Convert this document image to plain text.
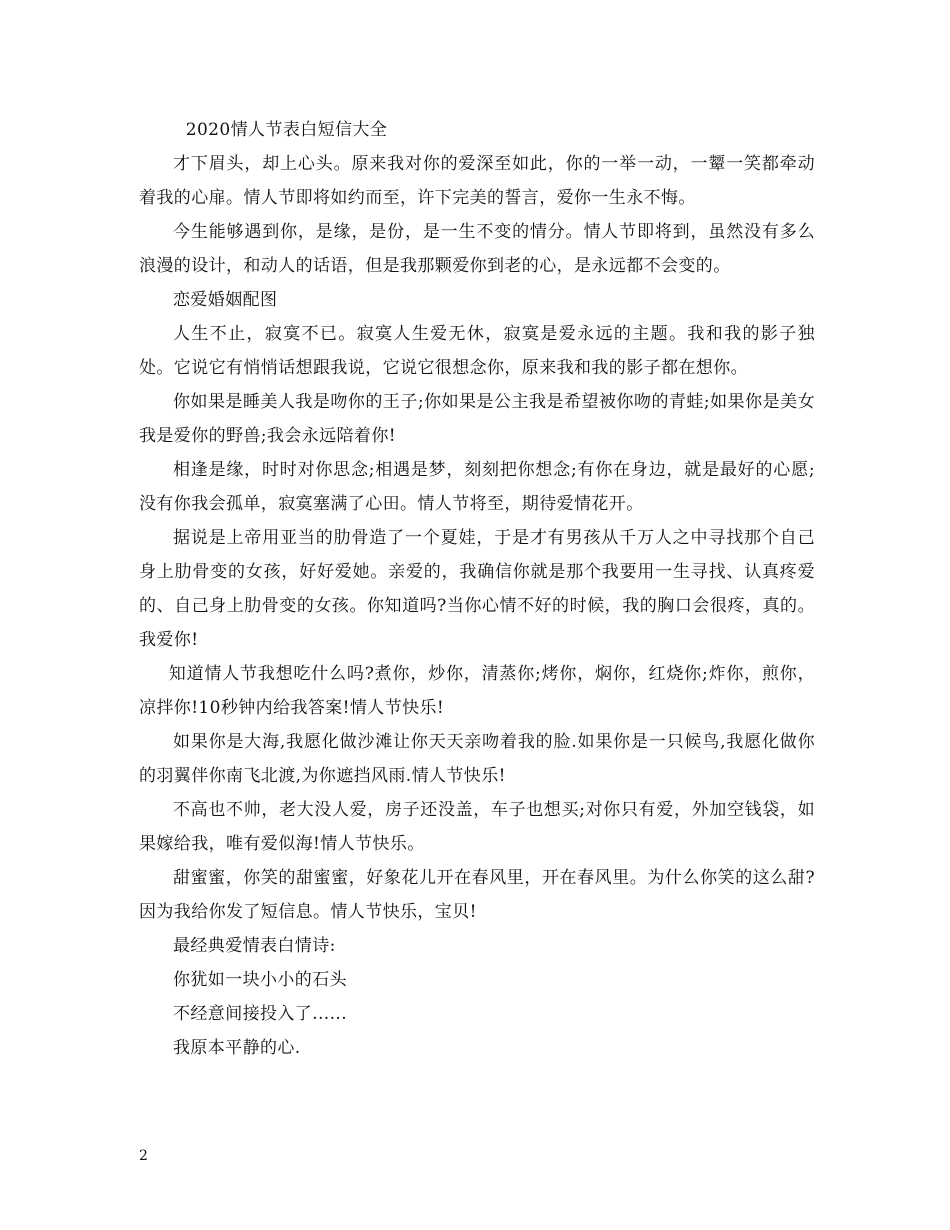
2020情人节表白短信大全

才下眉头，却上心头。原来我对你的爱深至如此，你的一举一动，一颦一笑都牵动着我的心扉。情人节即将如约而至，许下完美的誓言，爱你一生永不悔。

今生能够遇到你，是缘，是份，是一生不变的情分。情人节即将到，虽然没有多么浪漫的设计，和动人的话语，但是我那颗爱你到老的心，是永远都不会变的。

恋爱婚姻配图

人生不止，寂寞不已。寂寞人生爱无休，寂寞是爱永远的主题。我和我的影子独处。它说它有悄悄话想跟我说，它说它很想念你，原来我和我的影子都在想你。

你如果是睡美人我是吻你的王子;你如果是公主我是希望被你吻的青蛙;如果你是美女我是爱你的野兽;我会永远陪着你!

相逢是缘，时时对你思念;相遇是梦，刻刻把你想念;有你在身边，就是最好的心愿;没有你我会孤单，寂寞塞满了心田。情人节将至，期待爱情花开。

据说是上帝用亚当的肋骨造了一个夏娃，于是才有男孩从千万人之中寻找那个自己身上肋骨变的女孩，好好爱她。亲爱的，我确信你就是那个我要用一生寻找、认真疼爱的、自己身上肋骨变的女孩。你知道吗?当你心情不好的时候，我的胸口会很疼，真的。我爱你!

知道情人节我想吃什么吗?煮你，炒你，清蒸你;烤你，焖你，红烧你;炸你，煎你，凉拌你!10秒钟内给我答案!情人节快乐!

如果你是大海,我愿化做沙滩让你天天亲吻着我的脸.如果你是一只候鸟,我愿化做你的羽翼伴你南飞北渡,为你遮挡风雨.情人节快乐!

不高也不帅，老大没人爱，房子还没盖，车子也想买;对你只有爱，外加空钱袋，如果嫁给我，唯有爱似海!情人节快乐。

甜蜜蜜，你笑的甜蜜蜜，好象花儿开在春风里，开在春风里。为什么你笑的这么甜?因为我给你发了短信息。情人节快乐，宝贝!

最经典爱情表白情诗:

你犹如一块小小的石头

不经意间接投入了......

我原本平静的心.

2
